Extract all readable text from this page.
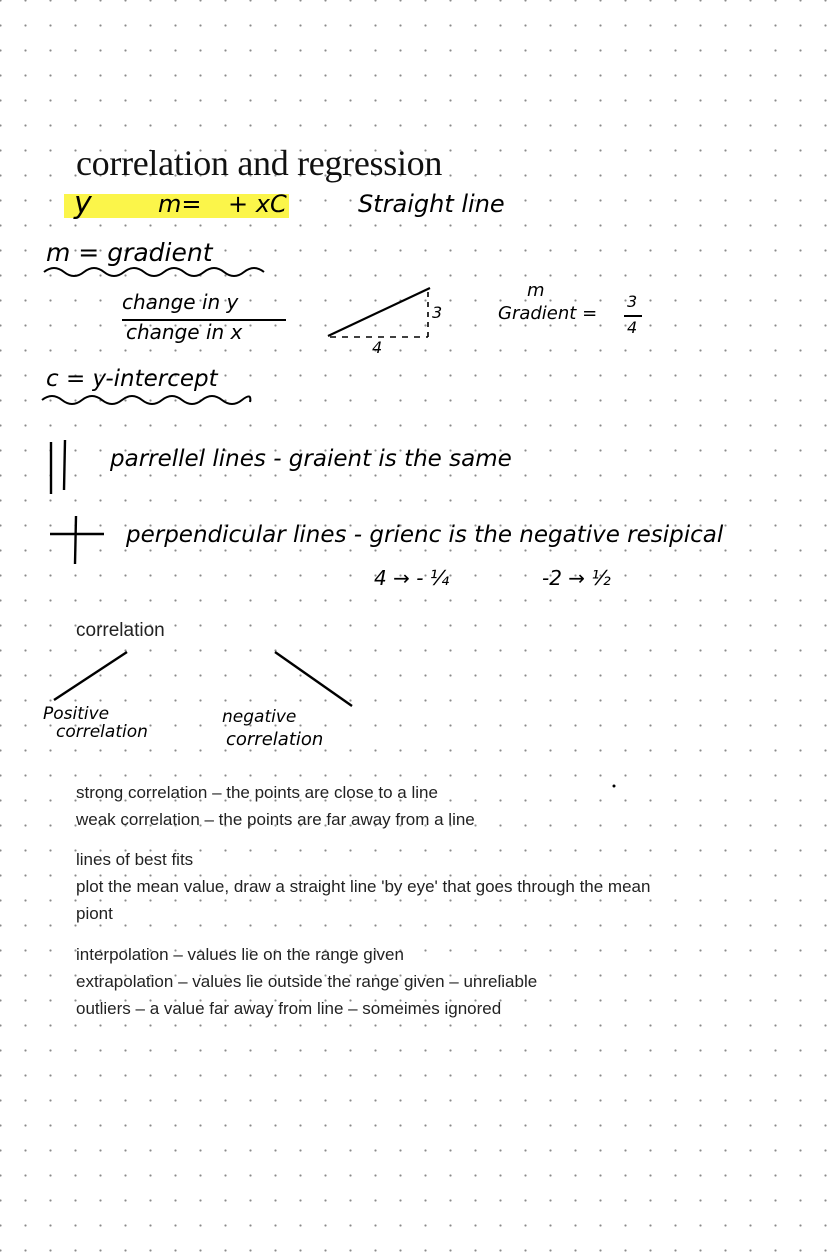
correlation and regression
y	m= + xC	Straight line
m = gradient
change in y
change in x
3
4
m
Gradient =
3
4
c = y-intercept
parrellel lines - graient is the same
perpendicular lines - grienc is the negative resipical
4 → - ¼	-2 → ½
correlation
Positive
correlation
negative
correlation
strong correlation – the points are close to a line
weak correlation – the points are far away from a line
lines of best fits
plot the mean value, draw a straight line 'by eye' that goes through the mean
piont
interpolation – values lie on the range given
extrapolation – values lie outside the range given – unreliable
outliers – a value far away from line – someimes ignored
